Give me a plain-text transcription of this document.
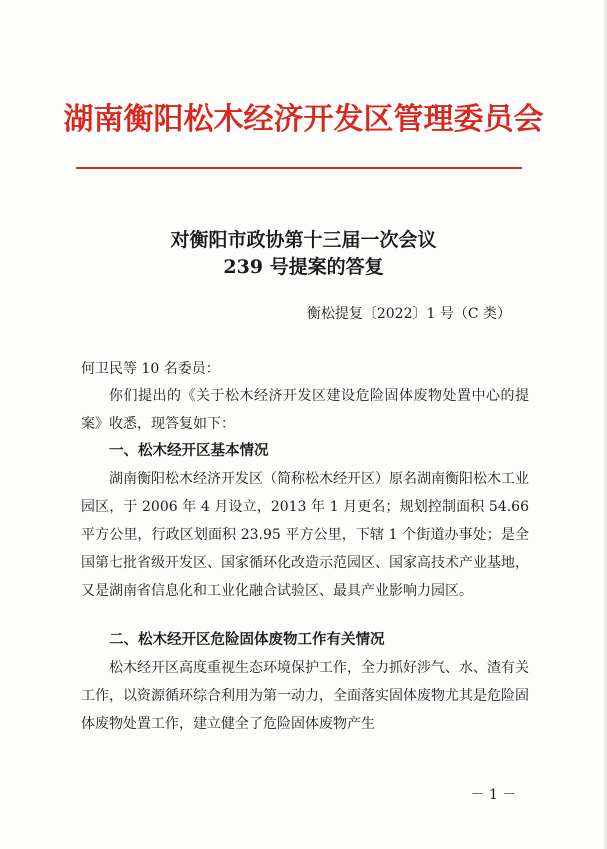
湖南衡阳松木经济开发区管理委员会
对衡阳市政协第十三届一次会议
239 号提案的答复
衡松提复〔2022〕1 号（C 类）
何卫民等 10 名委员：

你们提出的《关于松木经济开发区建设危险固体废物处置中心的提案》收悉，现答复如下：

一、松木经开区基本情况

湖南衡阳松木经济开发区（简称松木经开区）原名湖南衡阳松木工业园区，于 2006 年 4 月设立，2013 年 1 月更名；规划控制面积 54.66 平方公里，行政区划面积 23.95 平方公里，下辖 1 个街道办事处；是全国第七批省级开发区、国家循环化改造示范园区、国家高技术产业基地，又是湖南省信息化和工业化融合试验区、最具产业影响力园区。

二、松木经开区危险固体废物工作有关情况

松木经开区高度重视生态环境保护工作，全力抓好涉气、水、渣有关工作，以资源循环综合利用为第一动力，全面落实固体废物尤其是危险固体废物处置工作，建立健全了危险固体废物产生

－ 1 －
